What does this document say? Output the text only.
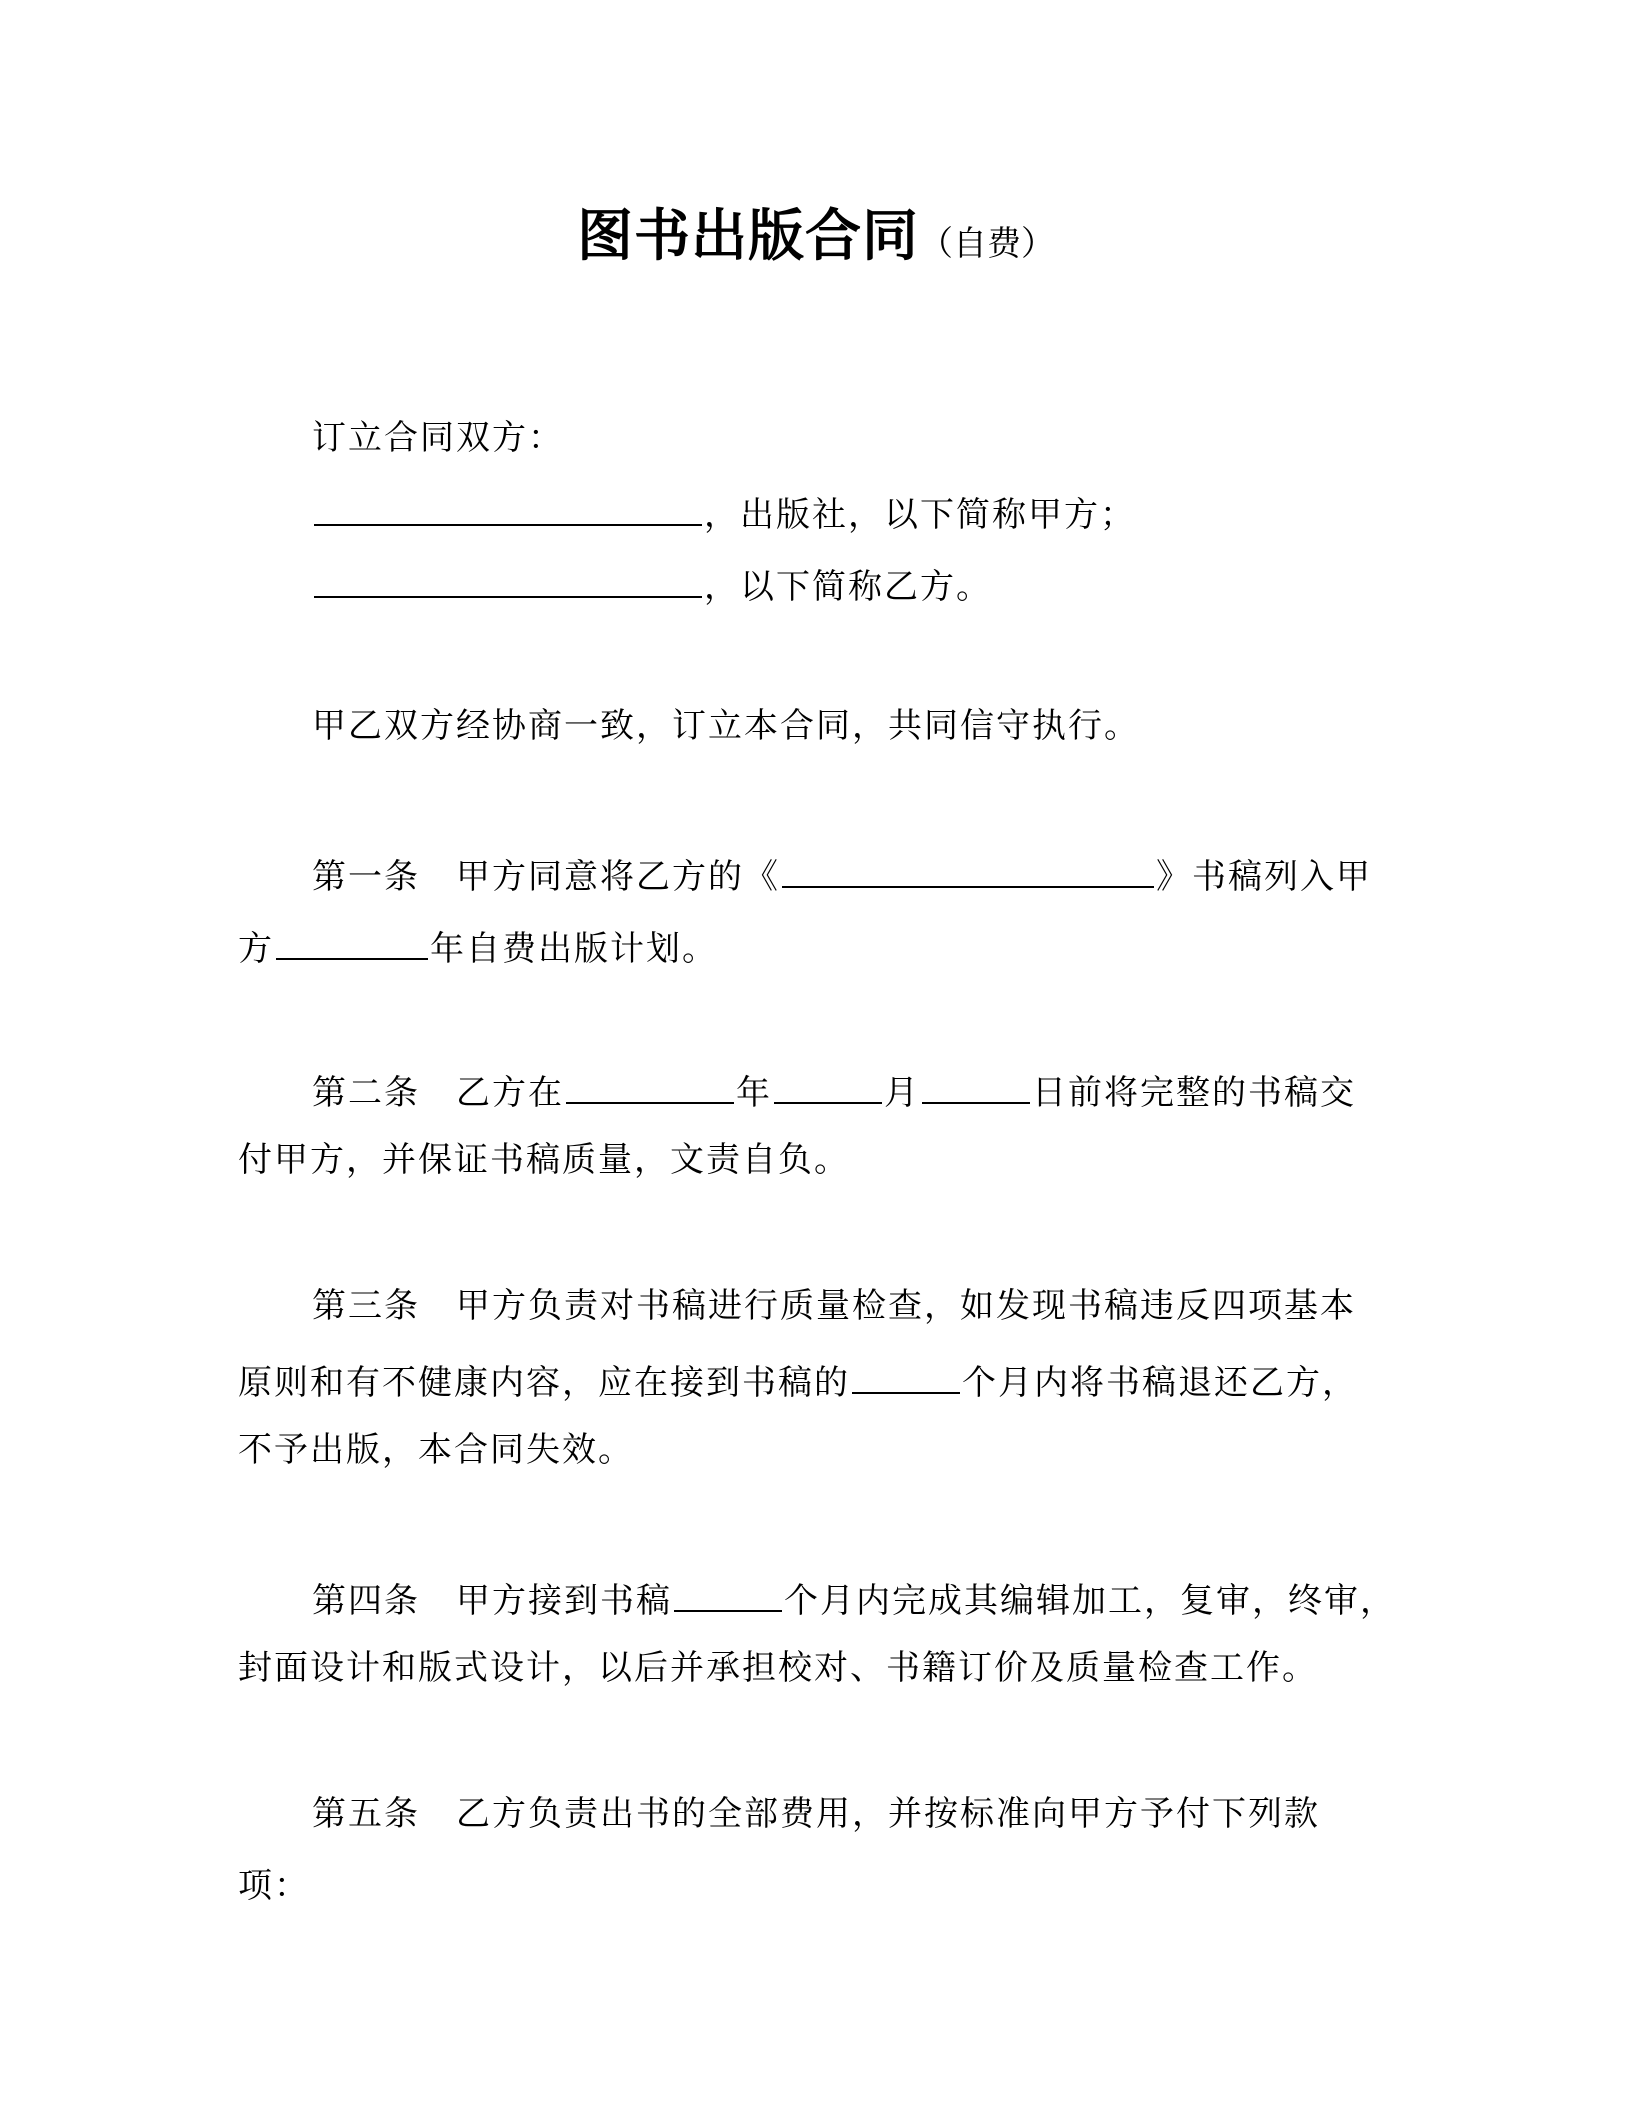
图书出版合同（自费）
订立合同双方：
，出版社，以下简称甲方；
，以下简称乙方。
甲乙双方经协商一致，订立本合同，共同信守执行。
第一条 甲方同意将乙方的《	》书稿列入甲
方	年自费出版计划。
第二条 乙方在	年	月	日前将完整的书稿交
付甲方，并保证书稿质量，文责自负。
第三条 甲方负责对书稿进行质量检查，如发现书稿违反四项基本
原则和有不健康内容，应在接到书稿的	个月内将书稿退还乙方，
不予出版，本合同失效。
第四条 甲方接到书稿	个月内完成其编辑加工，复审，终审，
封面设计和版式设计，以后并承担校对、书籍订价及质量检查工作。
第五条 乙方负责出书的全部费用，并按标准向甲方予付下列款
项：
